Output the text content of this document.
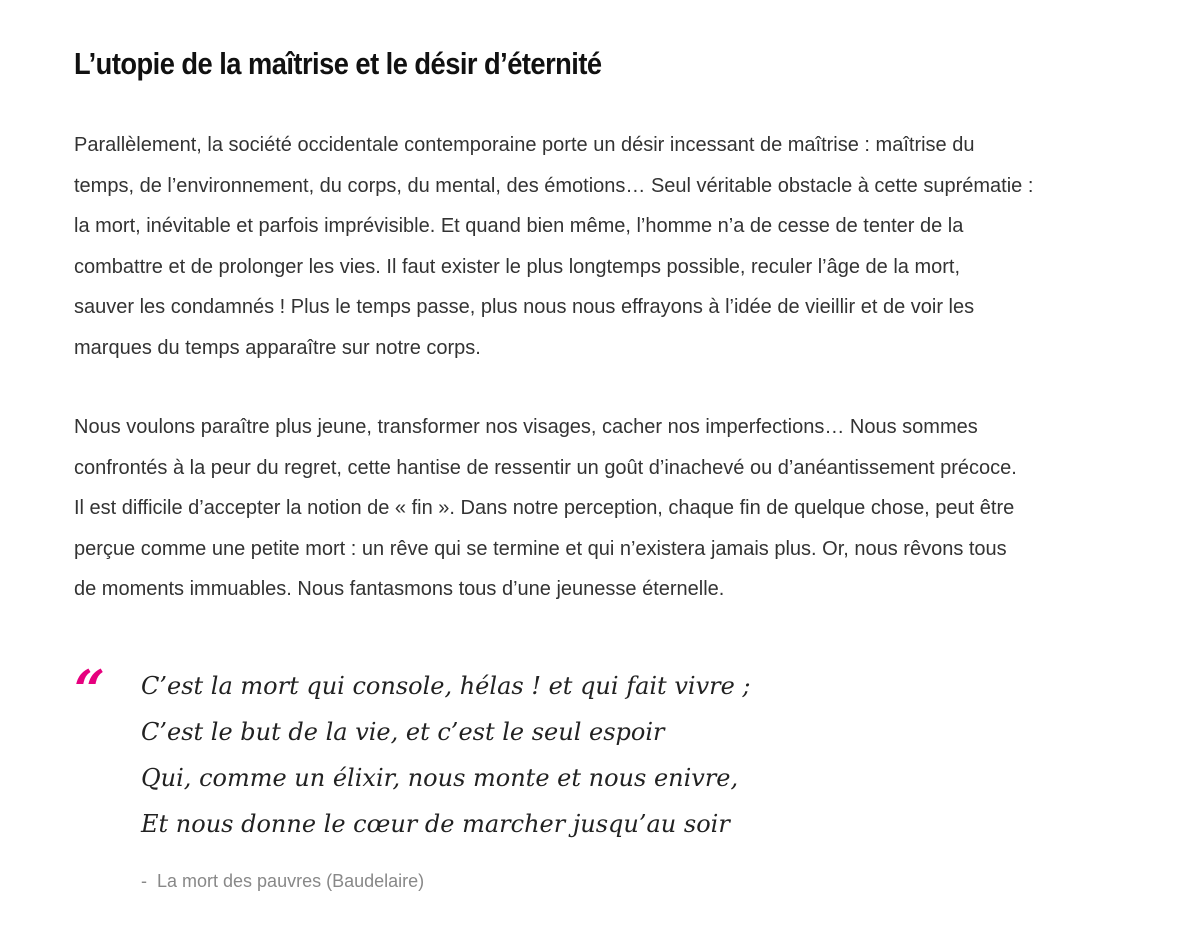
L’utopie de la maîtrise et le désir d’éternité

Parallèlement, la société occidentale contemporaine porte un désir incessant de maîtrise : maîtrise du
temps, de l’environnement, du corps, du mental, des émotions… Seul véritable obstacle à cette suprématie :
la mort, inévitable et parfois imprévisible. Et quand bien même, l’homme n’a de cesse de tenter de la
combattre et de prolonger les vies. Il faut exister le plus longtemps possible, reculer l’âge de la mort,
sauver les condamnés ! Plus le temps passe, plus nous nous effrayons à l’idée de vieillir et de voir les
marques du temps apparaître sur notre corps.

Nous voulons paraître plus jeune, transformer nos visages, cacher nos imperfections… Nous sommes
confrontés à la peur du regret, cette hantise de ressentir un goût d’inachevé ou d’anéantissement précoce.
Il est difficile d’accepter la notion de « fin ». Dans notre perception, chaque fin de quelque chose, peut être
perçue comme une petite mort : un rêve qui se termine et qui n’existera jamais plus. Or, nous rêvons tous
de moments immuables. Nous fantasmons tous d’une jeunesse éternelle.

“ C’est la mort qui console, hélas ! et qui fait vivre ;
C’est le but de la vie, et c’est le seul espoir
Qui, comme un élixir, nous monte et nous enivre,
Et nous donne le cœur de marcher jusqu’au soir
- La mort des pauvres (Baudelaire)
